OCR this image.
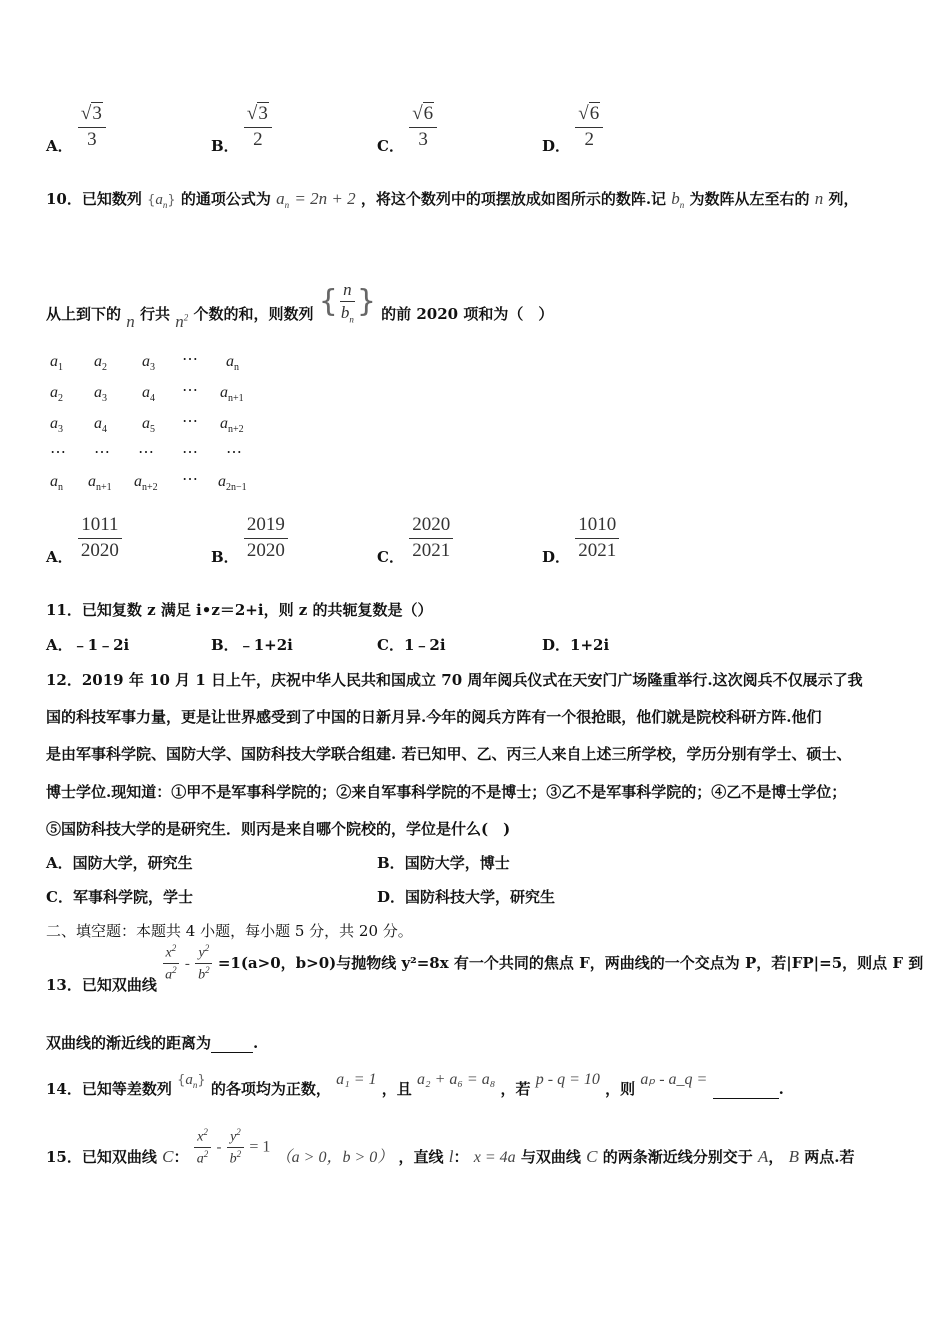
A． $\frac{√3}{3}$	B． $\frac{√3}{2}$	C． $\frac{√6}{3}$	D． $\frac{√6}{2}$
10．已知数列 $\{a_n\}$ 的通项公式为 $a_n = 2n + 2$ ，将这个数列中的项摆放成如图所示的数阵.记 $b_n$ 为数阵从左至右的 n 列，
从上到下的 n 行共 $n^2$ 个数的和，则数列 { $\frac{n}{b_n}$ } 的前 2020 项和为（　）
$a_1$	$a_2$	$a_3$	⋯	$a_n$
$a_2$	$a_3$	$a_4$	⋯	$a_{n+1}$
$a_3$	$a_4$	$a_5$	⋯	$a_{n+2}$
⋯	⋯	⋯	⋯	⋯
$a_n$	$a_{n+1}$	$a_{n+2}$	⋯	$a_{2n-1}$
A． $\frac{1011}{2020}$	B． $\frac{2019}{2020}$	C． $\frac{2020}{2021}$	D． $\frac{1010}{2021}$
11．已知复数 z 满足 i•z＝2+i，则 z 的共轭复数是（）
A．﹣1﹣2i	B．﹣1+2i	C．1﹣2i	D．1+2i
12．2019 年 10 月 1 日上午，庆祝中华人民共和国成立 70 周年阅兵仪式在天安门广场隆重举行.这次阅兵不仅展示了我
国的科技军事力量，更是让世界感受到了中国的日新月异.今年的阅兵方阵有一个很抢眼，他们就是院校科研方阵.他们
是由军事科学院、国防大学、国防科技大学联合组建. 若已知甲、乙、丙三人来自上述三所学校，学历分别有学士、硕士、
博士学位.现知道：①甲不是军事科学院的；②来自军事科学院的不是博士；③乙不是军事科学院的；④乙不是博士学位；
⑤国防科技大学的是研究生．则丙是来自哪个院校的，学位是什么(　)
A．国防大学，研究生	B．国防大学，博士
C．军事科学院，学士	D．国防科技大学，研究生
二、填空题：本题共 4 小题，每小题 5 分，共 20 分。
13．已知双曲线
$\frac{x^2}{a^2} - \frac{y^2}{b^2} =1(a>0$，b>0)与抛物线 y²=8x 有一个共同的焦点 F，两曲线的一个交点为 P，若|FP|=5，则点 F 到
双曲线的渐近线的距离为	.
14．已知等差数列 $\{a_n\}$ 的各项均为正数， a₁ = 1 ，且 a₂ + a₆ = a₈ ，若 p - q = 10 ，则 aₚ - a_q =  .
15．已知双曲线 C： $\frac{x^2}{a^2} - \frac{y^2}{b^2} = 1$ （a > 0，b > 0） ，直线 l： x = 4a 与双曲线 C 的两条渐近线分别交于 A， B 两点.若
